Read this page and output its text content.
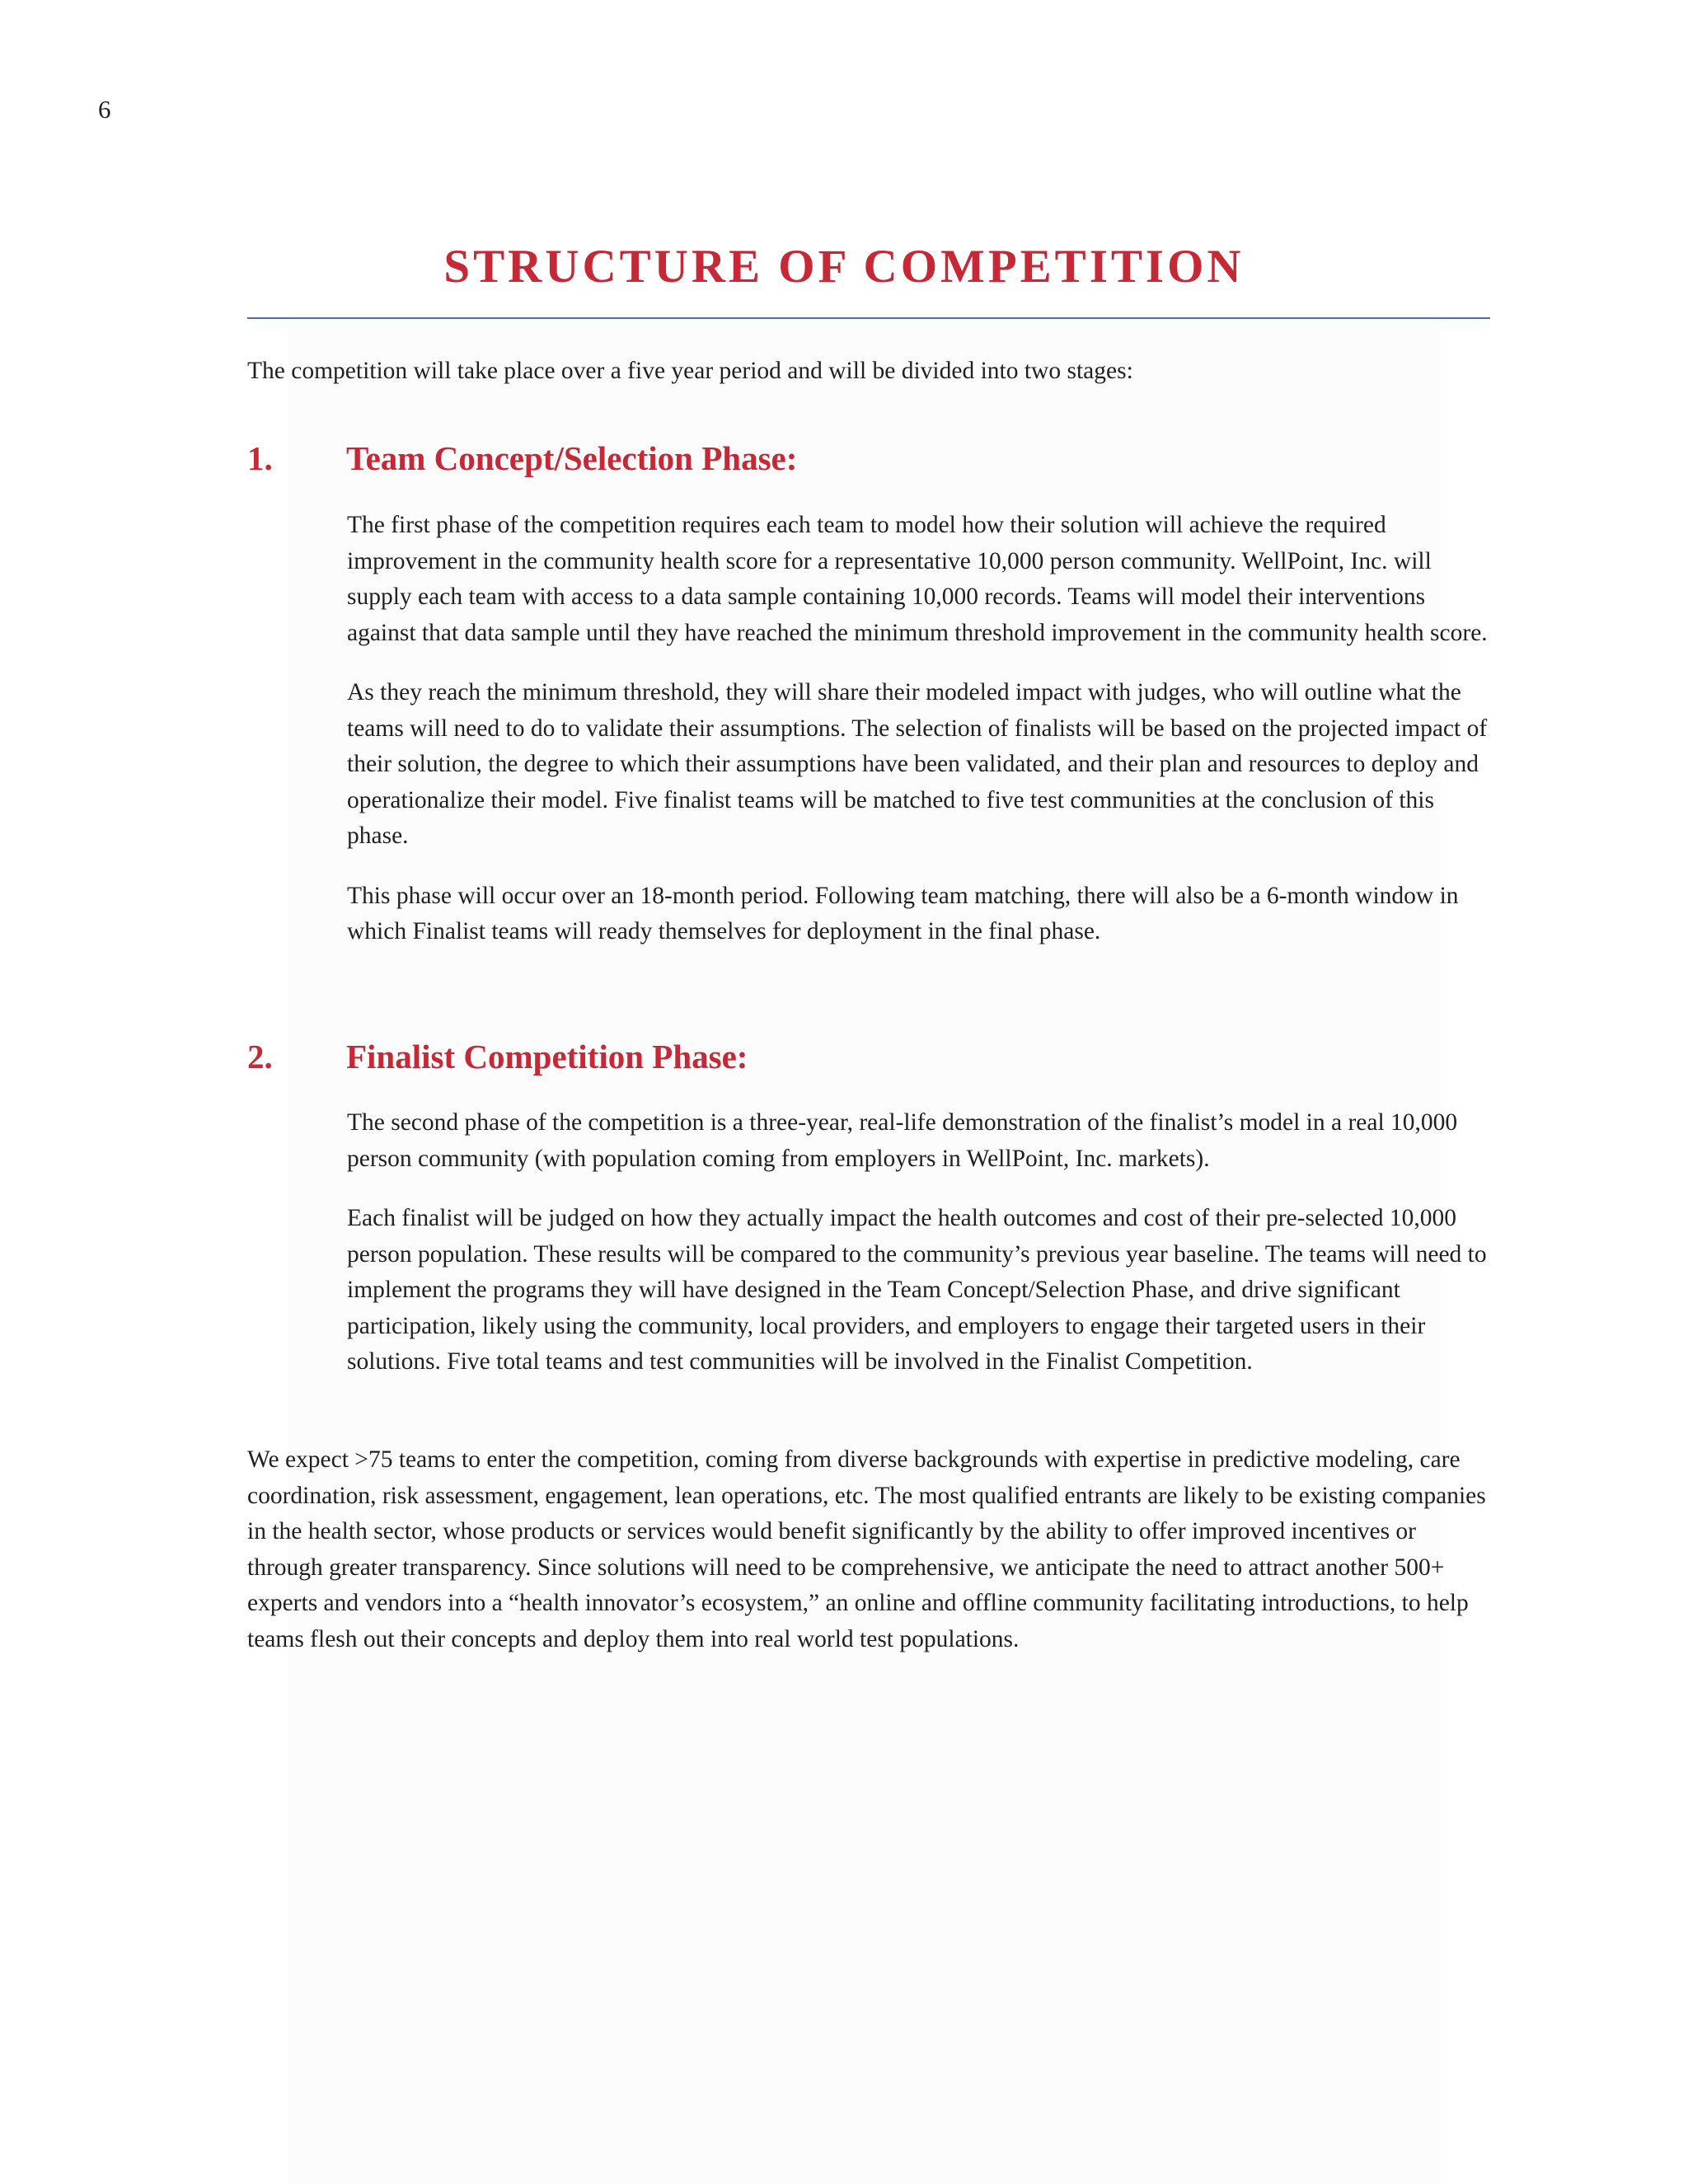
6
STRUCTURE OF COMPETITION

The competition will take place over a five year period and will be divided into two stages:

1. Team Concept/Selection Phase:

The first phase of the competition requires each team to model how their solution will achieve the required improvement in the community health score for a representative 10,000 person community. WellPoint, Inc. will supply each team with access to a data sample containing 10,000 records. Teams will model their interventions against that data sample until they have reached the minimum threshold improvement in the community health score.

As they reach the minimum threshold, they will share their modeled impact with judges, who will outline what the teams will need to do to validate their assumptions. The selection of finalists will be based on the projected impact of their solution, the degree to which their assumptions have been validated, and their plan and resources to deploy and operationalize their model. Five finalist teams will be matched to five test communities at the conclusion of this phase.

This phase will occur over an 18-month period. Following team matching, there will also be a 6-month window in which Finalist teams will ready themselves for deployment in the final phase.

2. Finalist Competition Phase:

The second phase of the competition is a three-year, real-life demonstration of the finalist’s model in a real 10,000 person community (with population coming from employers in WellPoint, Inc. markets).

Each finalist will be judged on how they actually impact the health outcomes and cost of their pre-selected 10,000 person population. These results will be compared to the community’s previous year baseline. The teams will need to implement the programs they will have designed in the Team Concept/Selection Phase, and drive significant participation, likely using the community, local providers, and employers to engage their targeted users in their solutions. Five total teams and test communities will be involved in the Finalist Competition.

We expect >75 teams to enter the competition, coming from diverse backgrounds with expertise in predictive modeling, care coordination, risk assessment, engagement, lean operations, etc. The most qualified entrants are likely to be existing companies in the health sector, whose products or services would benefit significantly by the ability to offer improved incentives or through greater transparency. Since solutions will need to be comprehensive, we anticipate the need to attract another 500+ experts and vendors into a “health innovator’s ecosystem,” an online and offline community facilitating introductions, to help teams flesh out their concepts and deploy them into real world test populations.
